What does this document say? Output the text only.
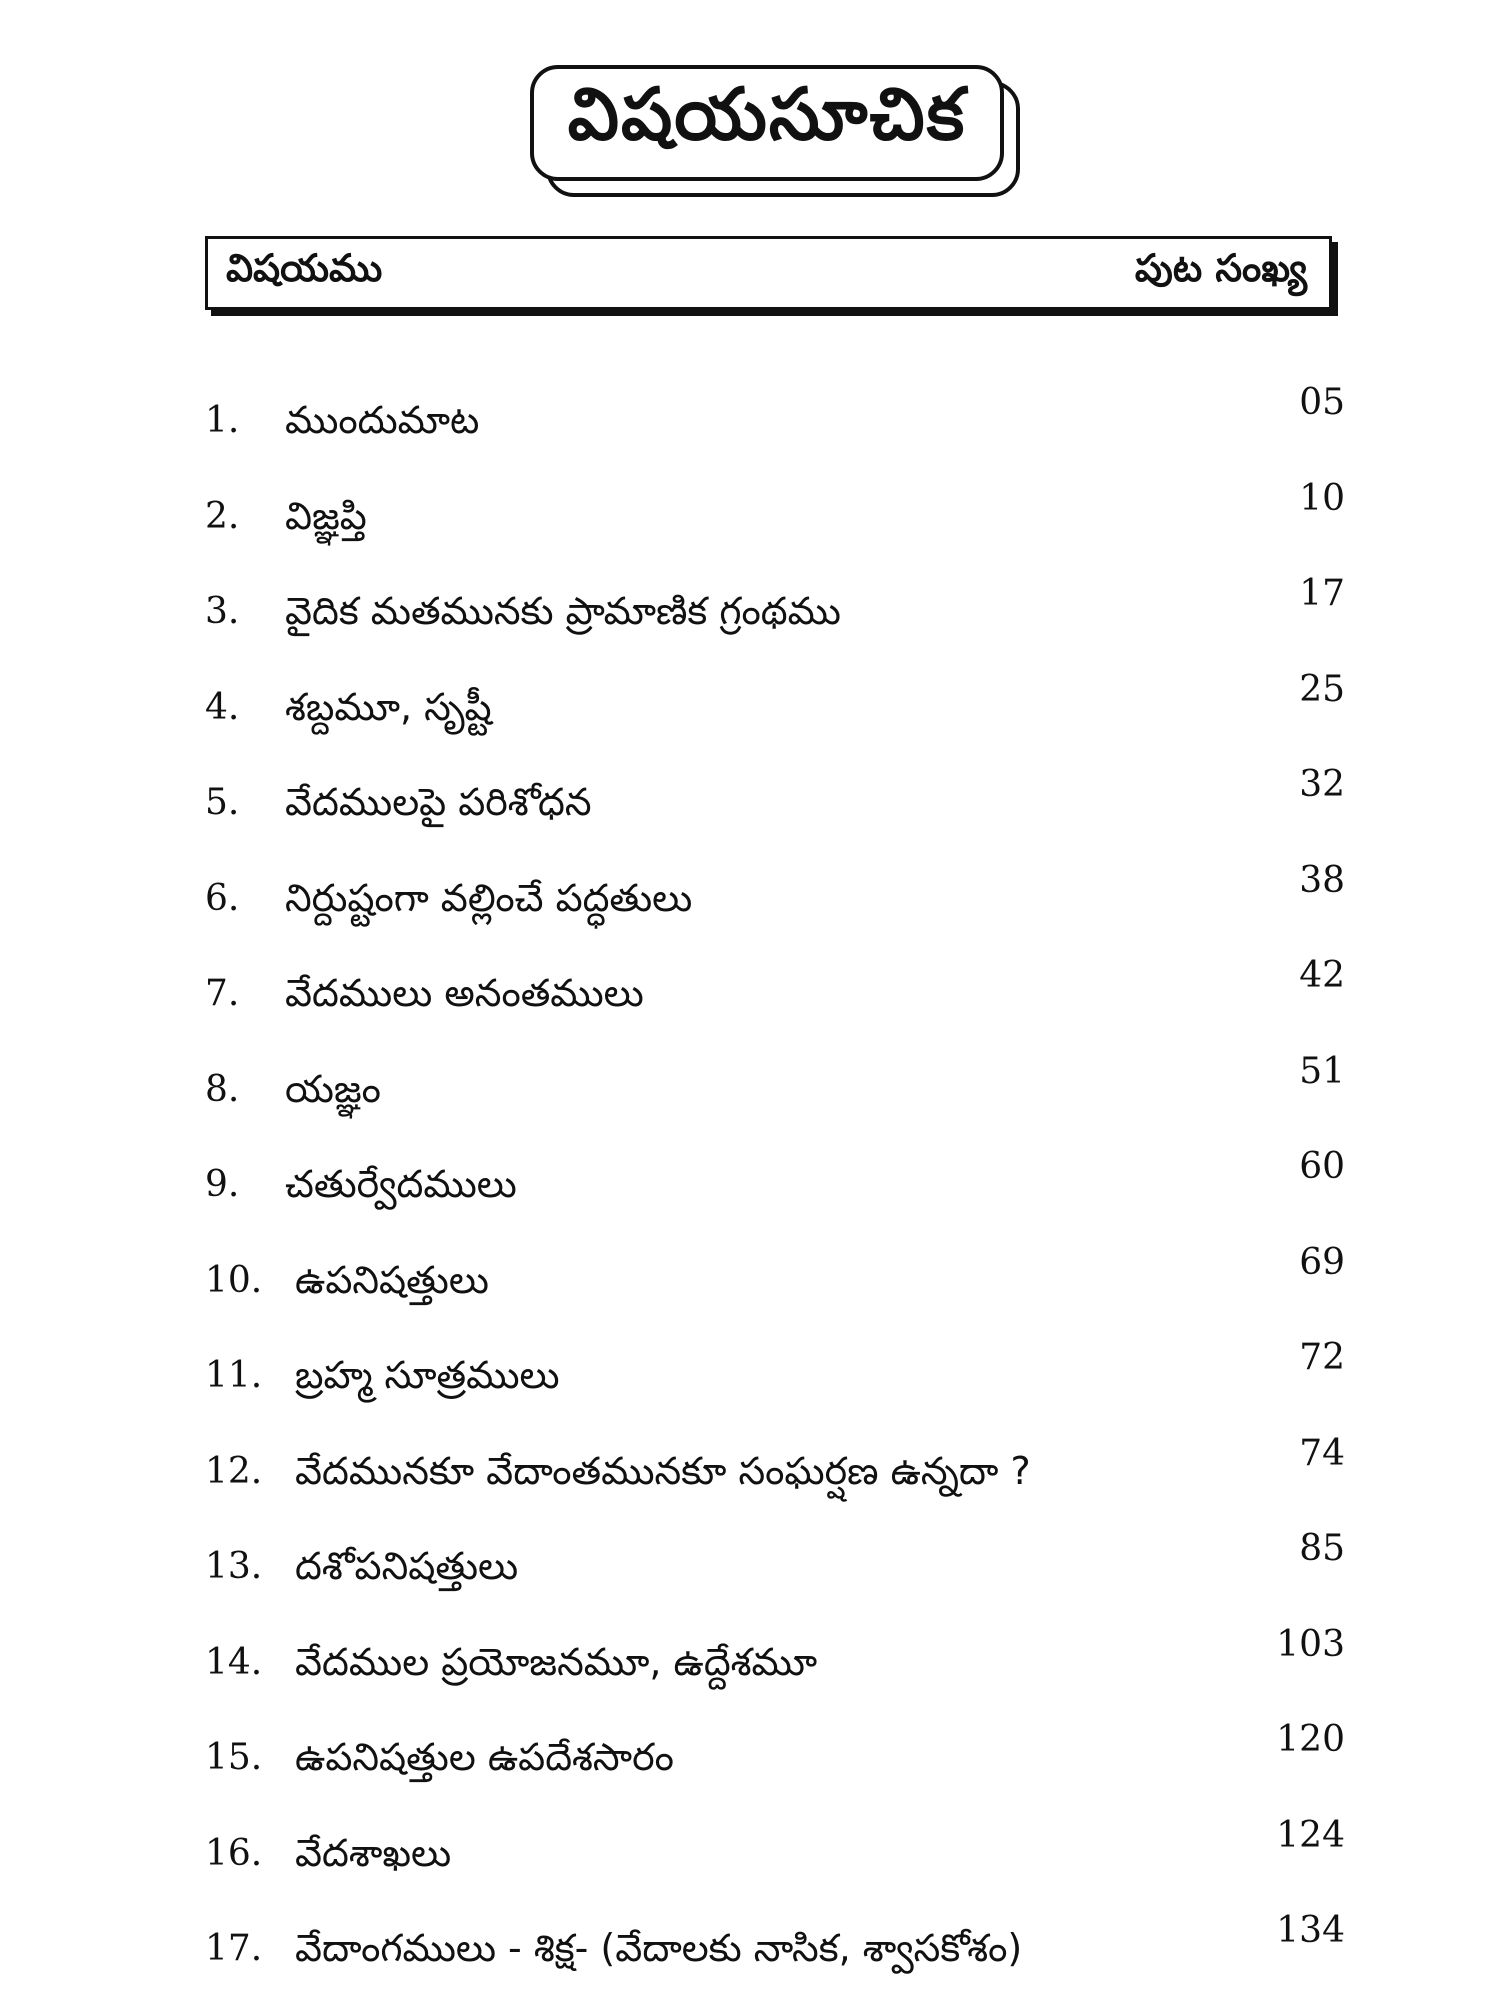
విషయసూచిక
విషయము	పుట సంఖ్య
1. ముందుమాట	05
2. విజ్ఞప్తి	10
3. వైదిక మతమునకు ప్రామాణిక గ్రంథము	17
4. శబ్దమూ, సృష్టీ	25
5. వేదములపై పరిశోధన	32
6. నిర్దుష్టంగా వల్లించే పద్ధతులు	38
7. వేదములు అనంతములు	42
8. యజ్ఞం	51
9. చతుర్వేదములు	60
10. ఉపనిషత్తులు	69
11. బ్రహ్మ సూత్రములు	72
12. వేదమునకూ వేదాంతమునకూ సంఘర్షణ ఉన్నదా ?	74
13. దశోపనిషత్తులు	85
14. వేదముల ప్రయోజనమూ, ఉద్దేశమూ	103
15. ఉపనిషత్తుల ఉపదేశసారం	120
16. వేదశాఖలు	124
17. వేదాంగములు - శిక్ష- (వేదాలకు నాసిక, శ్వాసకోశం)	134
